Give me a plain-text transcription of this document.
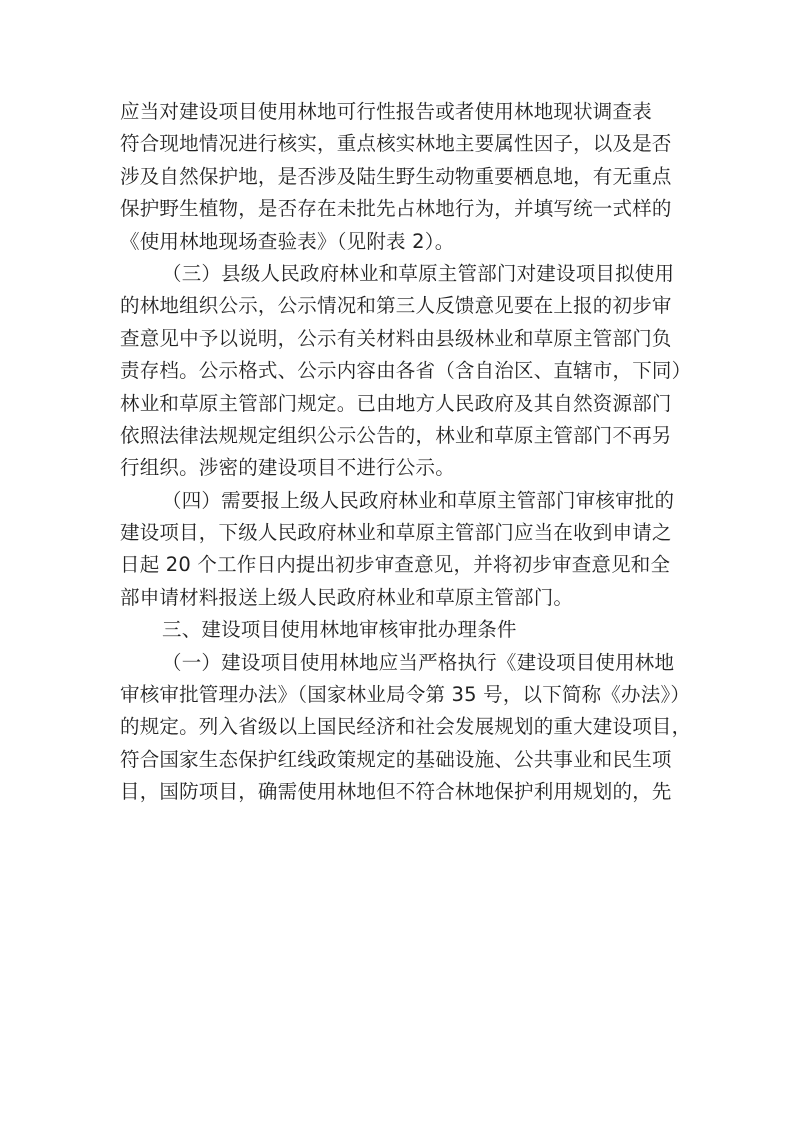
应当对建设项目使用林地可行性报告或者使用林地现状调查表
符合现地情况进行核实，重点核实林地主要属性因子，以及是否
涉及自然保护地，是否涉及陆生野生动物重要栖息地，有无重点
保护野生植物，是否存在未批先占林地行为，并填写统一式样的
《使用林地现场查验表》（见附表 2）。
（三）县级人民政府林业和草原主管部门对建设项目拟使用
的林地组织公示，公示情况和第三人反馈意见要在上报的初步审
查意见中予以说明，公示有关材料由县级林业和草原主管部门负
责存档。公示格式、公示内容由各省（含自治区、直辖市，下同）
林业和草原主管部门规定。已由地方人民政府及其自然资源部门
依照法律法规规定组织公示公告的，林业和草原主管部门不再另
行组织。涉密的建设项目不进行公示。
（四）需要报上级人民政府林业和草原主管部门审核审批的
建设项目，下级人民政府林业和草原主管部门应当在收到申请之
日起 20 个工作日内提出初步审查意见，并将初步审查意见和全
部申请材料报送上级人民政府林业和草原主管部门。
三、建设项目使用林地审核审批办理条件
（一）建设项目使用林地应当严格执行《建设项目使用林地
审核审批管理办法》（国家林业局令第 35 号，以下简称《办法》）
的规定。列入省级以上国民经济和社会发展规划的重大建设项目，
符合国家生态保护红线政策规定的基础设施、公共事业和民生项
目，国防项目，确需使用林地但不符合林地保护利用规划的，先
